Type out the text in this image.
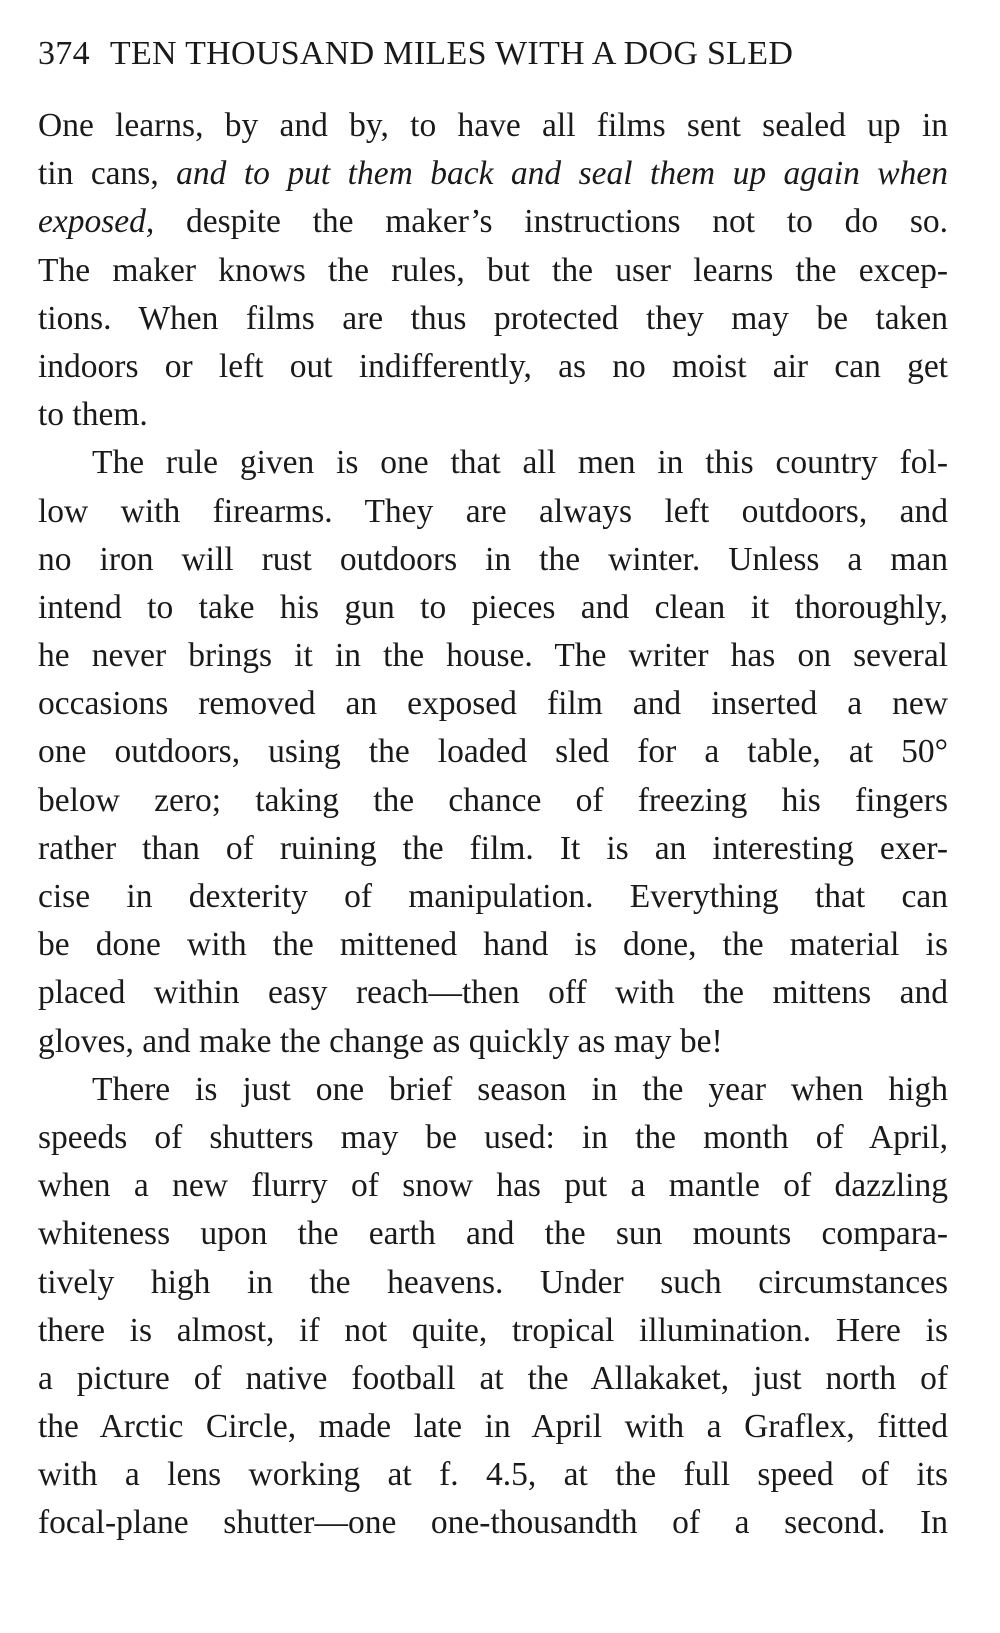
374 TEN THOUSAND MILES WITH A DOG SLED

One learns, by and by, to have all films sent sealed up in
tin cans, and to put them back and seal them up again when
exposed, despite the maker’s instructions not to do so.
The maker knows the rules, but the user learns the excep-
tions. When films are thus protected they may be taken
indoors or left out indifferently, as no moist air can get
to them.

The rule given is one that all men in this country fol-
low with firearms. They are always left outdoors, and
no iron will rust outdoors in the winter. Unless a man
intend to take his gun to pieces and clean it thoroughly,
he never brings it in the house. The writer has on several
occasions removed an exposed film and inserted a new
one outdoors, using the loaded sled for a table, at 50°
below zero; taking the chance of freezing his fingers
rather than of ruining the film. It is an interesting exer-
cise in dexterity of manipulation. Everything that can
be done with the mittened hand is done, the material is
placed within easy reach—then off with the mittens and
gloves, and make the change as quickly as may be!

There is just one brief season in the year when high
speeds of shutters may be used: in the month of April,
when a new flurry of snow has put a mantle of dazzling
whiteness upon the earth and the sun mounts compara-
tively high in the heavens. Under such circumstances
there is almost, if not quite, tropical illumination. Here is
a picture of native football at the Allakaket, just north of
the Arctic Circle, made late in April with a Graflex, fitted
with a lens working at f. 4.5, at the full speed of its
focal-plane shutter—one one-thousandth of a second. In
